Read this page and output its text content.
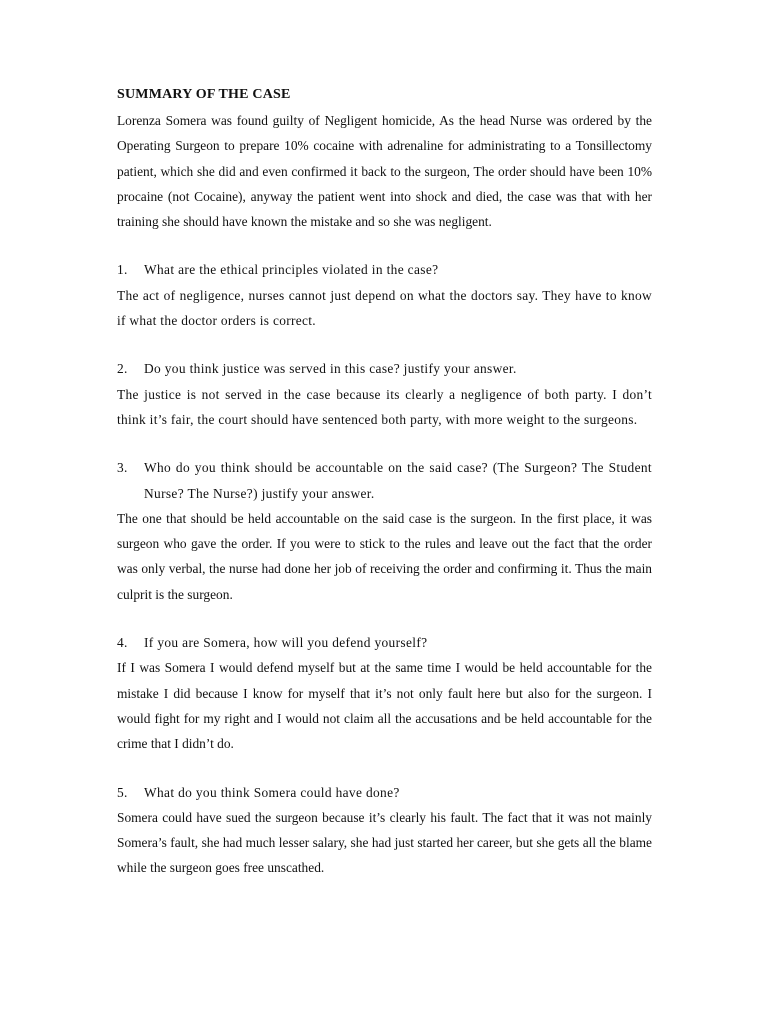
SUMMARY OF THE CASE

Lorenza Somera was found guilty of Negligent homicide, As the head Nurse was ordered by the Operating Surgeon to prepare 10% cocaine with adrenaline for administrating to a Tonsillectomy patient, which she did and even confirmed it back to the surgeon, The order should have been 10% procaine (not Cocaine), anyway the patient went into shock and died, the case was that with her training she should have known the mistake and so she was negligent.

1.	What are the ethical principles violated in the case?

The act of negligence, nurses cannot just depend on what the doctors say. They have to know if what the doctor orders is correct.

2.	Do you think justice was served in this case? justify your answer.

The justice is not served in the case because its clearly a negligence of both party. I don’t think it’s fair, the court should have sentenced both party, with more weight to the surgeons.

3.	Who do you think should be accountable on the said case? (The Surgeon? The Student Nurse? The Nurse?) justify your answer.

The one that should be held accountable on the said case is the surgeon. In the first place, it was surgeon who gave the order. If you were to stick to the rules and leave out the fact that the order was only verbal, the nurse had done her job of receiving the order and confirming it. Thus the main culprit is the surgeon.

4.	If you are Somera, how will you defend yourself?

If I was Somera I would defend myself but at the same time I would be held accountable for the mistake I did because I know for myself that it’s not only fault here but also for the surgeon. I would fight for my right and I would not claim all the accusations and be held accountable for the crime that I didn’t do.

5.	What do you think Somera could have done?

Somera could have sued the surgeon because it’s clearly his fault. The fact that it was not mainly Somera’s fault, she had much lesser salary, she had just started her career, but she gets all the blame while the surgeon goes free unscathed.
